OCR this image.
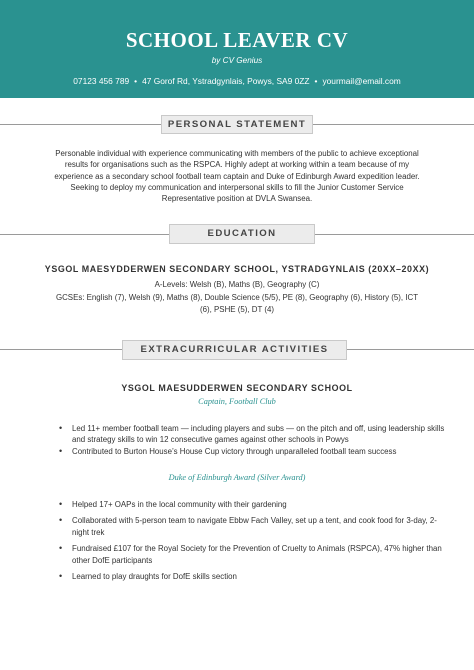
SCHOOL LEAVER CV
by CV Genius
07123 456 789 • 47 Gorof Rd, Ystradgynlais, Powys, SA9 0ZZ • yourmail@email.com
PERSONAL STATEMENT
Personable individual with experience communicating with members of the public to achieve exceptional
results for organisations such as the RSPCA. Highly adept at working within a team because of my
experience as a secondary school football team captain and Duke of Edinburgh Award expedition leader.
Seeking to deploy my communication and interpersonal skills to fill the Junior Customer Service
Representative position at DVLA Swansea.
EDUCATION
YSGOL MAESYDDERWEN SECONDARY SCHOOL, YSTRADGYNLAIS (20XX–20XX)
A-Levels: Welsh (B), Maths (B), Geography (C)
GCSEs: English (7), Welsh (9), Maths (8), Double Science (5/5), PE (8), Geography (6), History (5), ICT
(6), PSHE (5), DT (4)
EXTRACURRICULAR ACTIVITIES
YSGOL MAESUDDERWEN SECONDARY SCHOOL
Captain, Football Club
• Led 11+ member football team — including players and subs — on the pitch and off, using leadership skills and strategy skills to win 12 consecutive games against other schools in Powys
• Contributed to Burton House’s House Cup victory through unparalleled football team success
Duke of Edinburgh Award (Silver Award)
• Helped 17+ OAPs in the local community with their gardening
• Collaborated with 5-person team to navigate Ebbw Fach Valley, set up a tent, and cook food for 3-day, 2-night trek
• Fundraised £107 for the Royal Society for the Prevention of Cruelty to Animals (RSPCA), 47% higher than other DofE participants
• Learned to play draughts for DofE skills section
